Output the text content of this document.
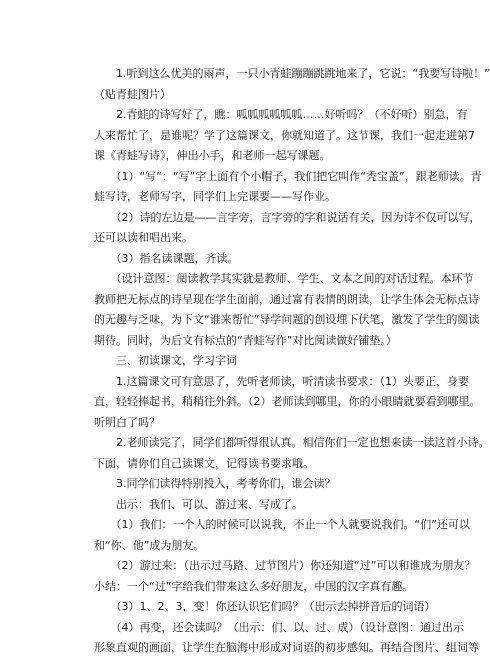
　　1.听到这么优美的雨声，一只小青蛙蹦蹦跳跳地来了，它说：“我要写诗啦！”
（贴青蛙图片）
　　2.青蛙的诗写好了，瞧：呱呱呱呱呱呱……好听吗？（不好听）别急，有
人来帮忙了，是谁呢？学了这篇课文，你就知道了。这节课，我们一起走进第7
课《青蛙写诗》，伸出小手，和老师一起写课题。
　　（1）“写”：“写”字上面有个小帽子，我们把它叫作“秃宝盖”，跟老师读。青
蛙写诗，老师写字，同学们上完课要——写作业。
　　（2）诗的左边是——言字旁，言字旁的字和说话有关，因为诗不仅可以写，
还可以读和唱出来。
　　（3）指名读课题，齐读。
　　（设计意图：阅读教学其实就是教师、学生、文本之间的对话过程。本环节
教师把无标点的诗呈现在学生面前，通过富有表情的朗读，让学生体会无标点诗
的无趣与乏味，为下文“谁来帮忙”导学问题的创设埋下伏笔，激发了学生的阅读
期待。同时，为后文有标点的“青蛙写作”对比阅读做好铺垫。）
　　三、初读课文，学习字词
　　1.这篇课文可有意思了，先听老师读，听清读书要求：（1）头要正，身要
直，轻轻捧起书，稍稍往外斜。（2）老师读到哪里，你的小眼睛就要看到哪里。
听明白了吗？
　　2.老师读完了，同学们都听得很认真。相信你们一定也想来读一读这首小诗。
下面，请你们自己读课文，记得读书要求哦。
　　3.同学们读得特别投入，考考你们，谁会读？
　　出示：我们、可以、游过来、写成了。
　　（1）我们：一个人的时候可以说我，不止一个人就要说我们。“们”还可以
和“你、他”成为朋友。
　　（2）游过来：（出示过马路、过节图片）你还知道“过”可以和谁成为朋友？
小结：一个“过”字给我们带来这么多好朋友，中国的汉字真有趣。
　　（3）1、2、3，变！你还认识它们吗？（出示去掉拼音后的词语）
　　（4）再变，还会读吗？（出示：们、以、过、成）（设计意图：通过出示
形象直观的画面，让学生在脑海中形成对词语的初步感知。再结合图片、组词等
